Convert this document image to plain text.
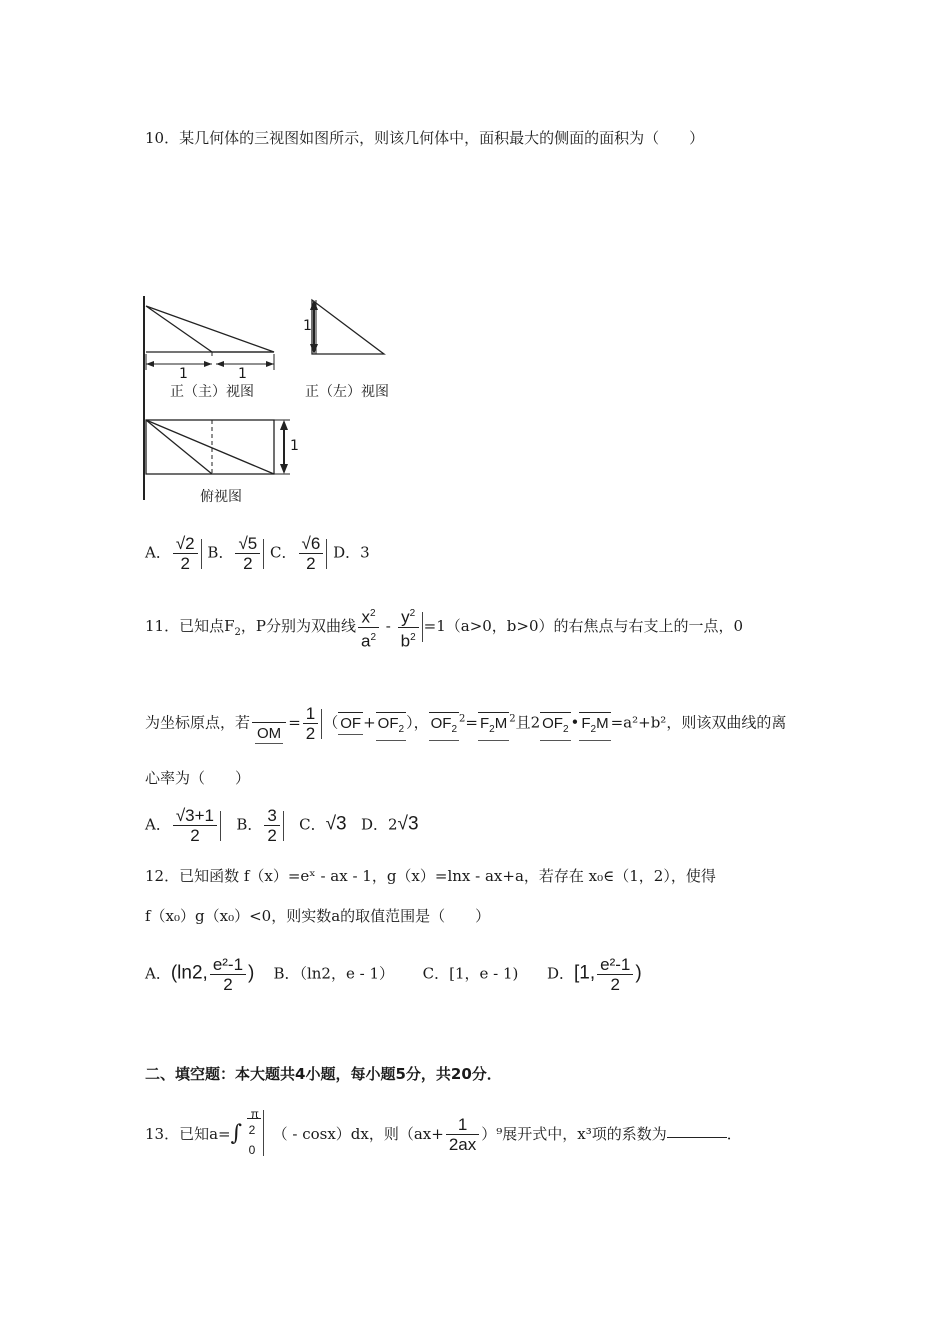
10．某几何体的三视图如图所示，则该几何体中，面积最大的侧面的面积为（　　）
1	1
1
1
正（主）视图	正（左）视图
俯视图
A． $\frac{√2}{2}$ B． $\frac{√5}{2}$ C． $\frac{√6}{2}$ D．3
11．已知点$F_2$，P分别为双曲线 $\frac{x^2}{a^2} - \frac{y^2}{b^2} =1(a>0$，b>0）的右焦点与右支上的一点，0
为坐标原点，若

OM
= $\frac{1}{2}$ （ OF + $OF_2$ ）， $OF_2^2= F_2M$ $^2$且2 $OF_2$ • $F_2M =a^2+b^2$，则该双曲线的离
心率为（　　）
A． $\frac{√3+1}{2}$ B． $\frac{3}{2}$ C．√3 D．2√3
12．已知函数 f（x）=eˣ - ax - 1，g（x）=lnx - ax+a，若存在 x₀∈（1，2），使得
f（x₀）g（x₀）<0，则实数a的取值范围是（　　）
A．(ln2, $\frac{\text{e²-1}}{2}$ ) B．（ln2，e - 1） C．[1，e - 1) D．[1, $\frac{\text{e²-1}}{2}$ )
二、填空题：本大题共4小题，每小题5分，共20分．
13．已知a= ∫
π
2
0
（ - cosx）dx，则$(ax+ \frac{1}{2ax} )^9$展开式中，x³项的系数为	．
